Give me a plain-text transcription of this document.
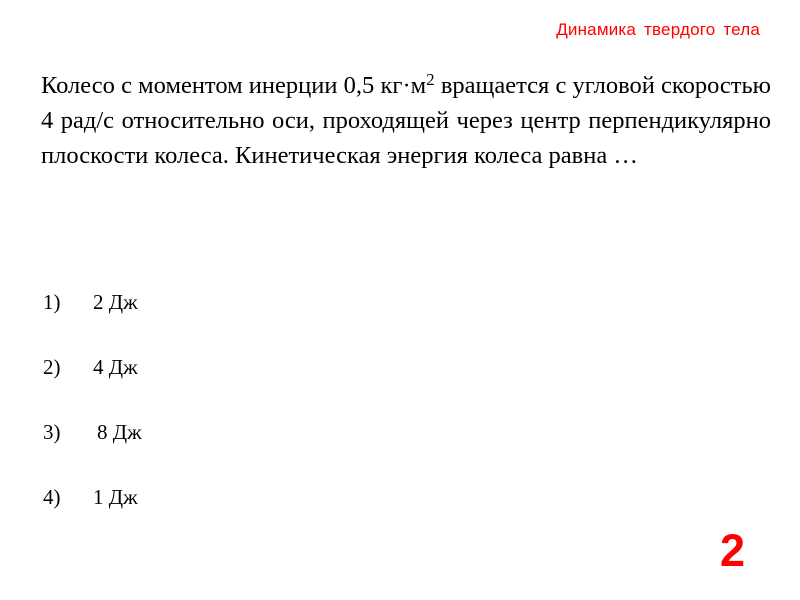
Динамика твердого тела
Колесо с моментом инерции 0,5 $кг\cdot м^2$ вращается с угловой скоростью 4 рад/с относительно оси, проходящей через центр перпендикулярно плоскости колеса. Кинетическая энергия колеса равна …
1) 2 Дж
2) 4 Дж
3) 8 Дж
4) 1 Дж
2
